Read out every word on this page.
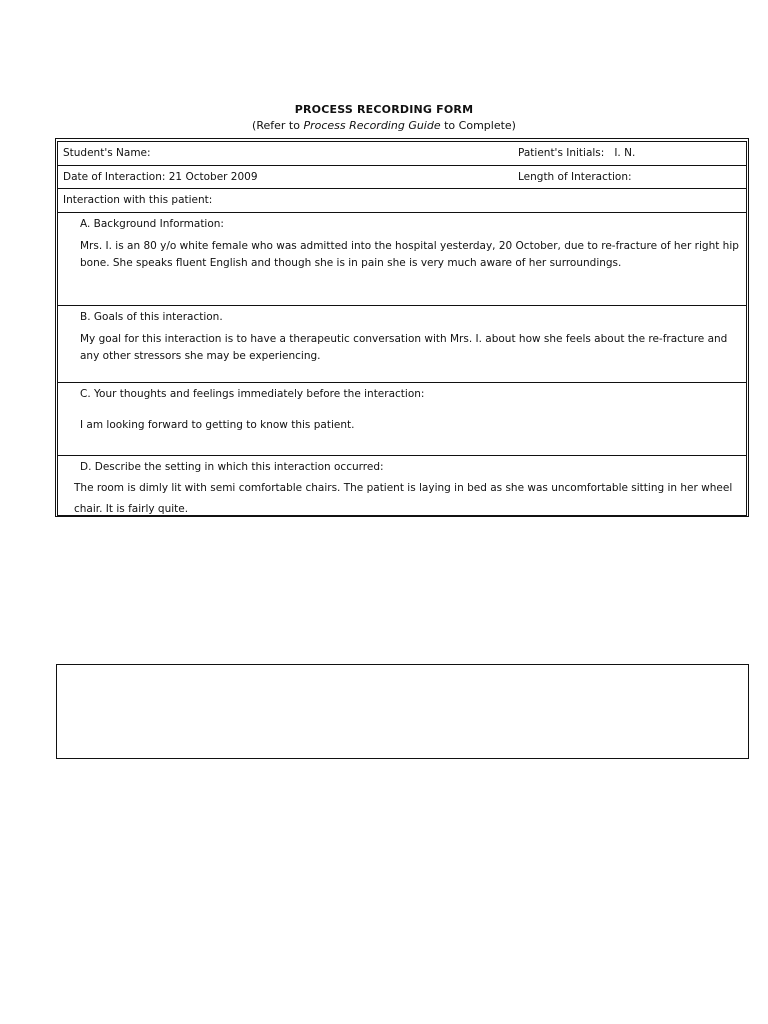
PROCESS RECORDING FORM
(Refer to Process Recording Guide to Complete)
Student's Name:	Patient's Initials: I. N.
Date of Interaction: 21 October 2009	Length of Interaction:
Interaction with this patient:
A. Background Information:
Mrs. I. is an 80 y/o white female who was admitted into the hospital yesterday, 20 October, due to re-fracture of her right hip bone. She speaks fluent English and though she is in pain she is very much aware of her surroundings.
B. Goals of this interaction.
My goal for this interaction is to have a therapeutic conversation with Mrs. I. about how she feels about the re-fracture and any other stressors she may be experiencing.
C. Your thoughts and feelings immediately before the interaction:
I am looking forward to getting to know this patient.
D. Describe the setting in which this interaction occurred:
The room is dimly lit with semi comfortable chairs. The patient is laying in bed as she was uncomfortable sitting in her wheel chair. It is fairly quite.
